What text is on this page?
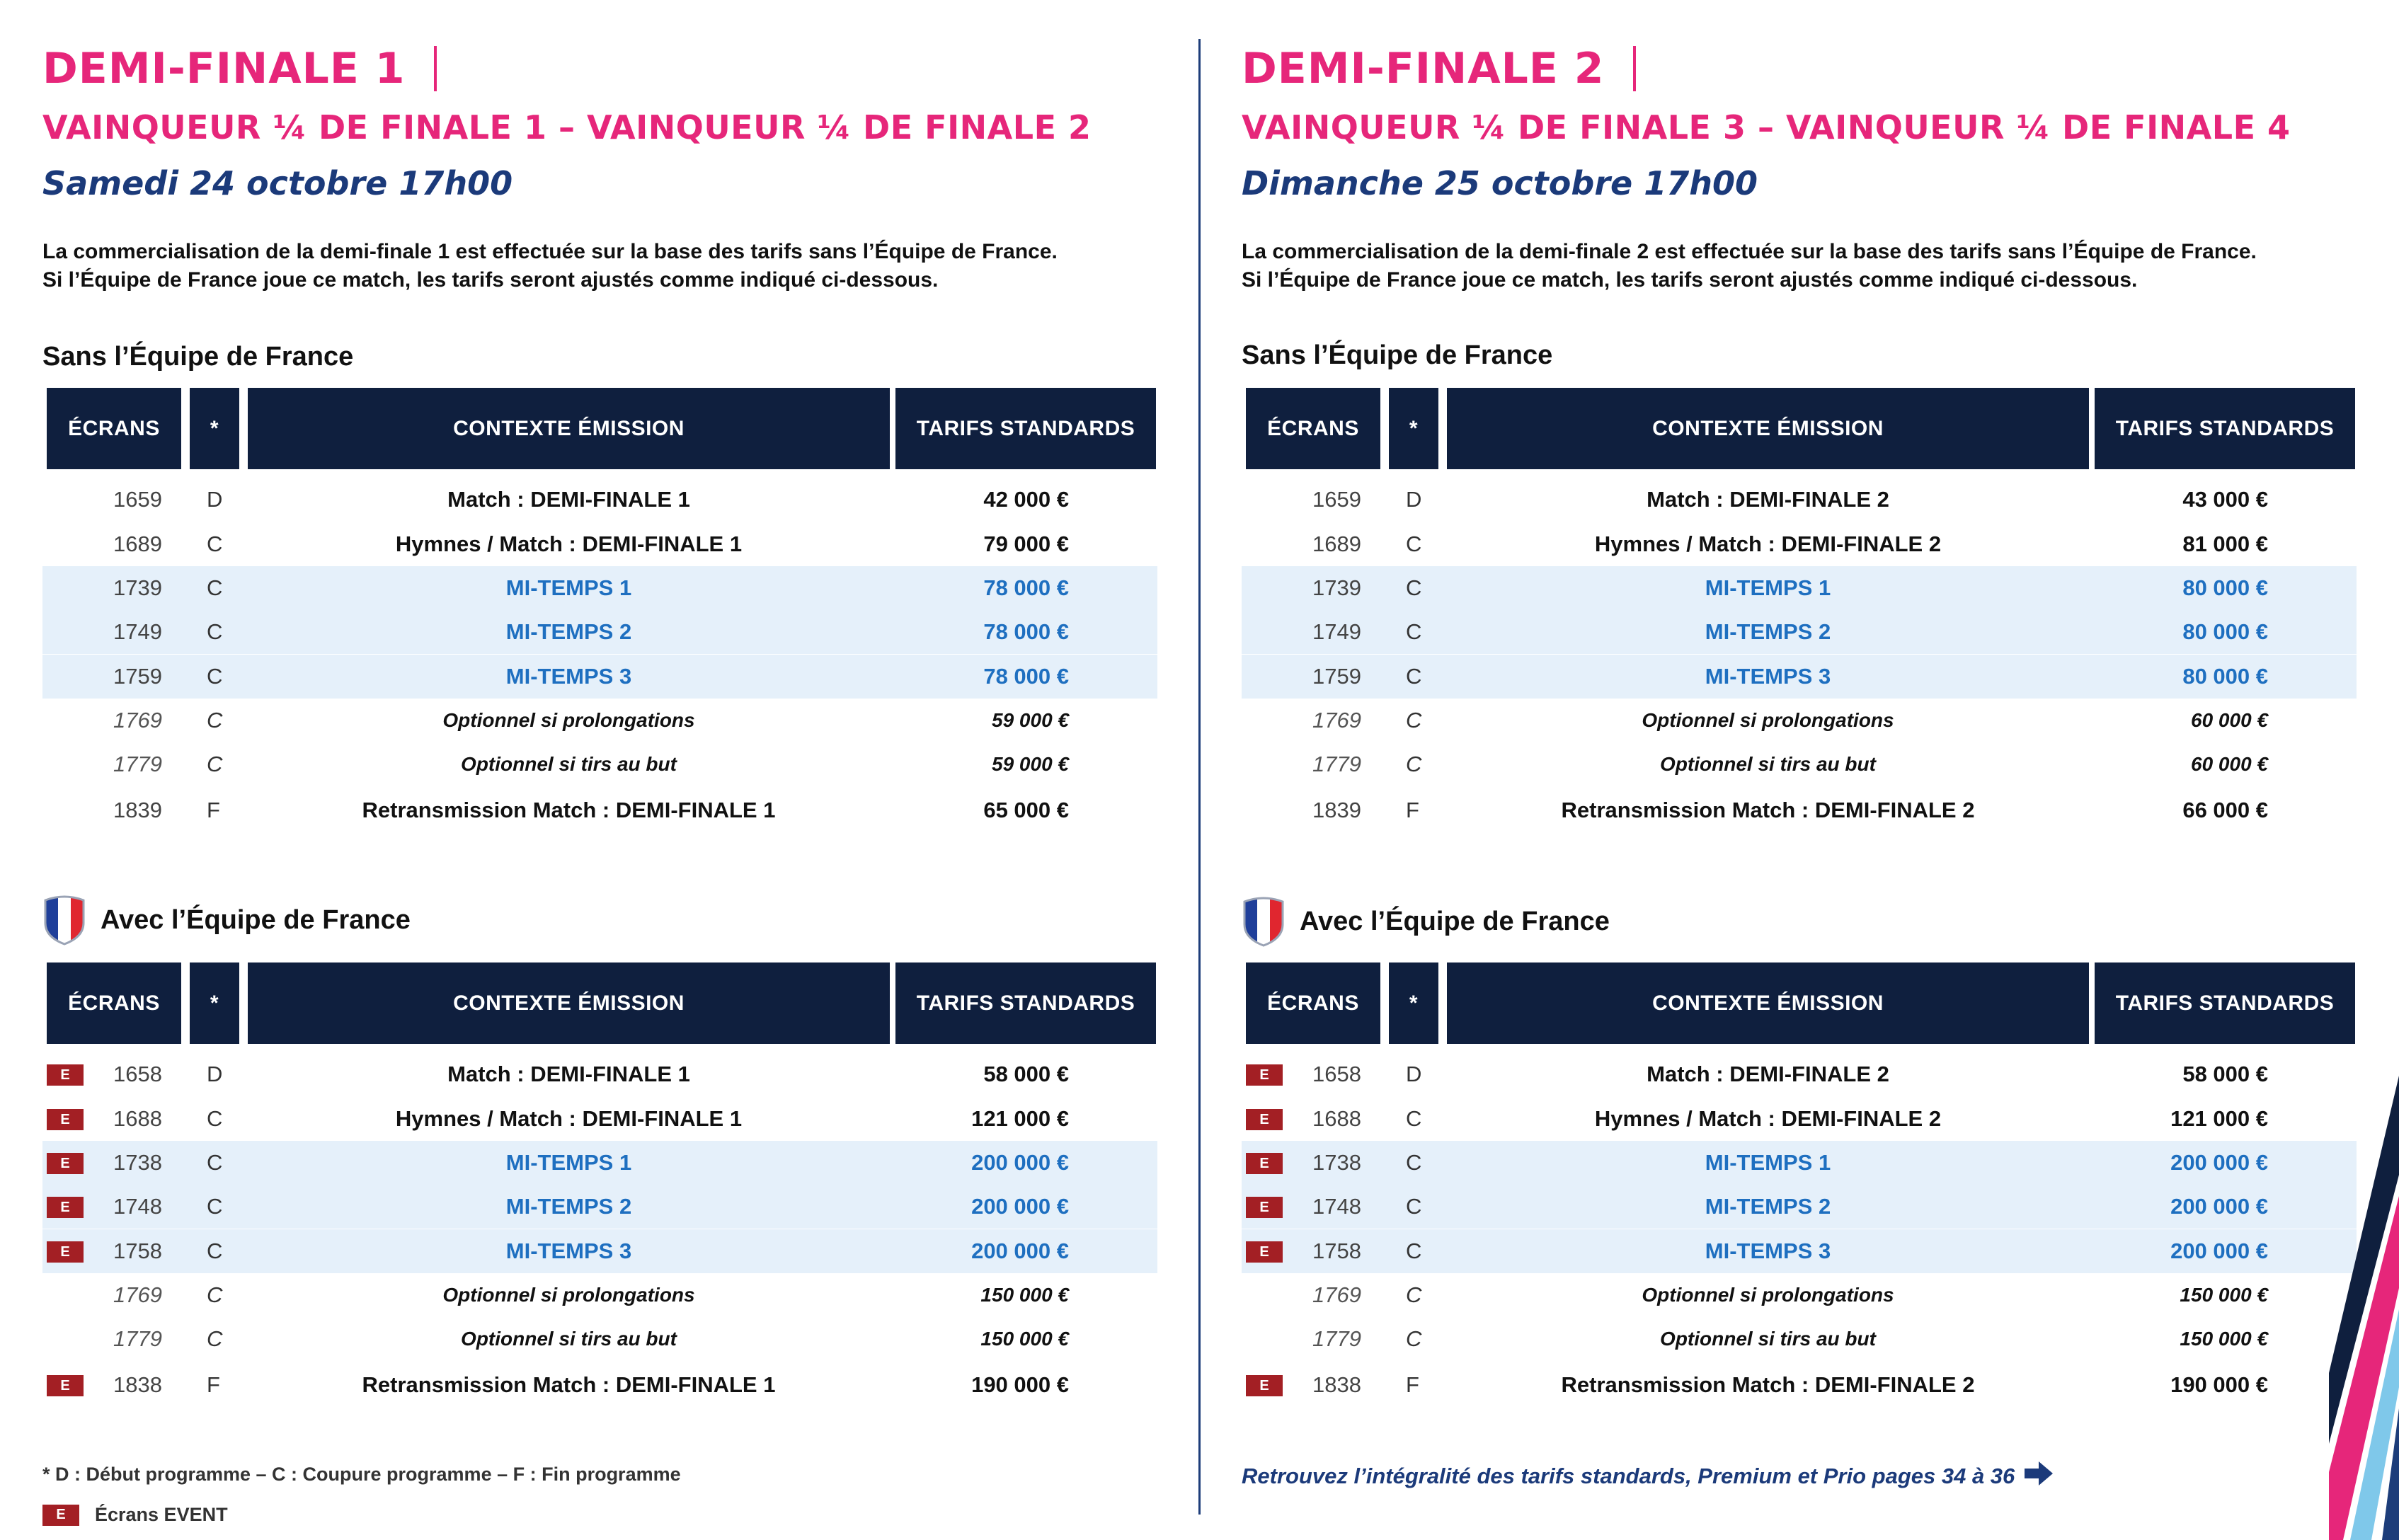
DEMI-FINALE 1
VAINQUEUR ¼ DE FINALE 1 – VAINQUEUR ¼ DE FINALE 2
Samedi 24 octobre 17h00
La commercialisation de la demi-finale 1 est effectuée sur la base des tarifs sans l’Équipe de France.
Si l’Équipe de France joue ce match, les tarifs seront ajustés comme indiqué ci-dessous.
Sans l’Équipe de France
ÉCRANS	*	CONTEXTE ÉMISSION	TARIFS STANDARDS
1659 D	Match : DEMI-FINALE 1	42 000 €
1689 C	Hymnes / Match : DEMI-FINALE 1	79 000 €
1739 C	MI-TEMPS 1	78 000 €
1749 C	MI-TEMPS 2	78 000 €
1759 C	MI-TEMPS 3	78 000 €
1769 C	Optionnel si prolongations	59 000 €
1779 C	Optionnel si tirs au but	59 000 €
1839 F	Retransmission Match : DEMI-FINALE 1	65 000 €
Avec l’Équipe de France
ÉCRANS	*	CONTEXTE ÉMISSION	TARIFS STANDARDS
E	1658 D	Match : DEMI-FINALE 1	58 000 €
E	1688 C	Hymnes / Match : DEMI-FINALE 1	121 000 €
E	1738 C	MI-TEMPS 1	200 000 €
E	1748 C	MI-TEMPS 2	200 000 €
E	1758 C	MI-TEMPS 3	200 000 €
1769 C	Optionnel si prolongations	150 000 €
1779 C	Optionnel si tirs au but	150 000 €
E	1838 F	Retransmission Match : DEMI-FINALE 1	190 000 €
* D : Début programme – C : Coupure programme – F : Fin programme
E	Écrans EVENT
DEMI-FINALE 2
VAINQUEUR ¼ DE FINALE 3 – VAINQUEUR ¼ DE FINALE 4
Dimanche 25 octobre 17h00
La commercialisation de la demi-finale 2 est effectuée sur la base des tarifs sans l’Équipe de France.
Si l’Équipe de France joue ce match, les tarifs seront ajustés comme indiqué ci-dessous.
Sans l’Équipe de France
ÉCRANS	*	CONTEXTE ÉMISSION	TARIFS STANDARDS
1659 D	Match : DEMI-FINALE 2	43 000 €
1689 C	Hymnes / Match : DEMI-FINALE 2	81 000 €
1739 C	MI-TEMPS 1	80 000 €
1749 C	MI-TEMPS 2	80 000 €
1759 C	MI-TEMPS 3	80 000 €
1769 C	Optionnel si prolongations	60 000 €
1779 C	Optionnel si tirs au but	60 000 €
1839 F	Retransmission Match : DEMI-FINALE 2	66 000 €
Avec l’Équipe de France
ÉCRANS	*	CONTEXTE ÉMISSION	TARIFS STANDARDS
E	1658 D	Match : DEMI-FINALE 2	58 000 €
E	1688 C	Hymnes / Match : DEMI-FINALE 2	121 000 €
E	1738 C	MI-TEMPS 1	200 000 €
E	1748 C	MI-TEMPS 2	200 000 €
E	1758 C	MI-TEMPS 3	200 000 €
1769 C	Optionnel si prolongations	150 000 €
1779 C	Optionnel si tirs au but	150 000 €
E	1838 F	Retransmission Match : DEMI-FINALE 2	190 000 €
Retrouvez l’intégralité des tarifs standards, Premium et Prio pages 34 à 36
